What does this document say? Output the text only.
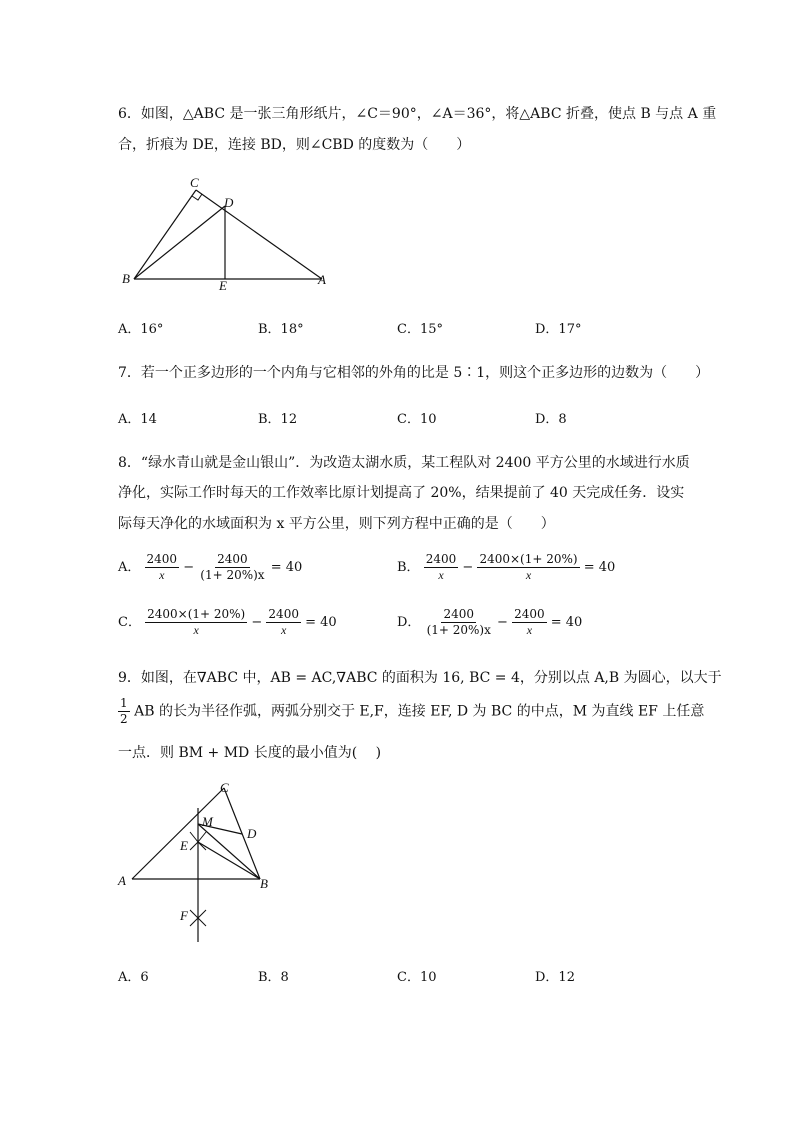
6．如图，△ABC 是一张三角形纸片，∠C＝90°，∠A＝36°，将△ABC 折叠，使点 B 与点 A 重
合，折痕为 DE，连接 BD，则∠CBD 的度数为（　　）
C
D
B	E	A
A．16°	B．18°	C．15°	D．17°
7．若一个正多边形的一个内角与它相邻的外角的比是 5∶1，则这个正多边形的边数为（　　）
A．14	B．12	C．10	D．8
8．“绿水青山就是金山银山”．为改造太湖水质，某工程队对 2400 平方公里的水域进行水质
净化，实际工作时每天的工作效率比原计划提高了 20%，结果提前了 40 天完成任务．设实
际每天净化的水域面积为 x 平方公里，则下列方程中正确的是（　　）
A． $\frac{2400}{x} - \frac{2400}{(1+ 20\%)x} = 40$	B． $\frac{2400}{x} - \frac{2400\times(1+ 20\%)}{x} = 40$
C． $\frac{2400\times(1+ 20\%)}{x} - \frac{2400}{x} = 40$	D． $\frac{2400}{(1+ 20\%)x} - \frac{2400}{x} = 40$
9．如图，在∇ABC 中，AB = AC,∇ABC 的面积为 16, BC = 4，分别以点 A,B 为圆心，以大于
$\frac{1}{2}$ AB 的长为半径作弧，两弧分别交于 E,F，连接 EF, D 为 BC 的中点，M 为直线 EF 上任意
一点．则 BM + MD 长度的最小值为(　 )
C
M
D
E
A	B
F
A．6	B．8	C．10	D．12
